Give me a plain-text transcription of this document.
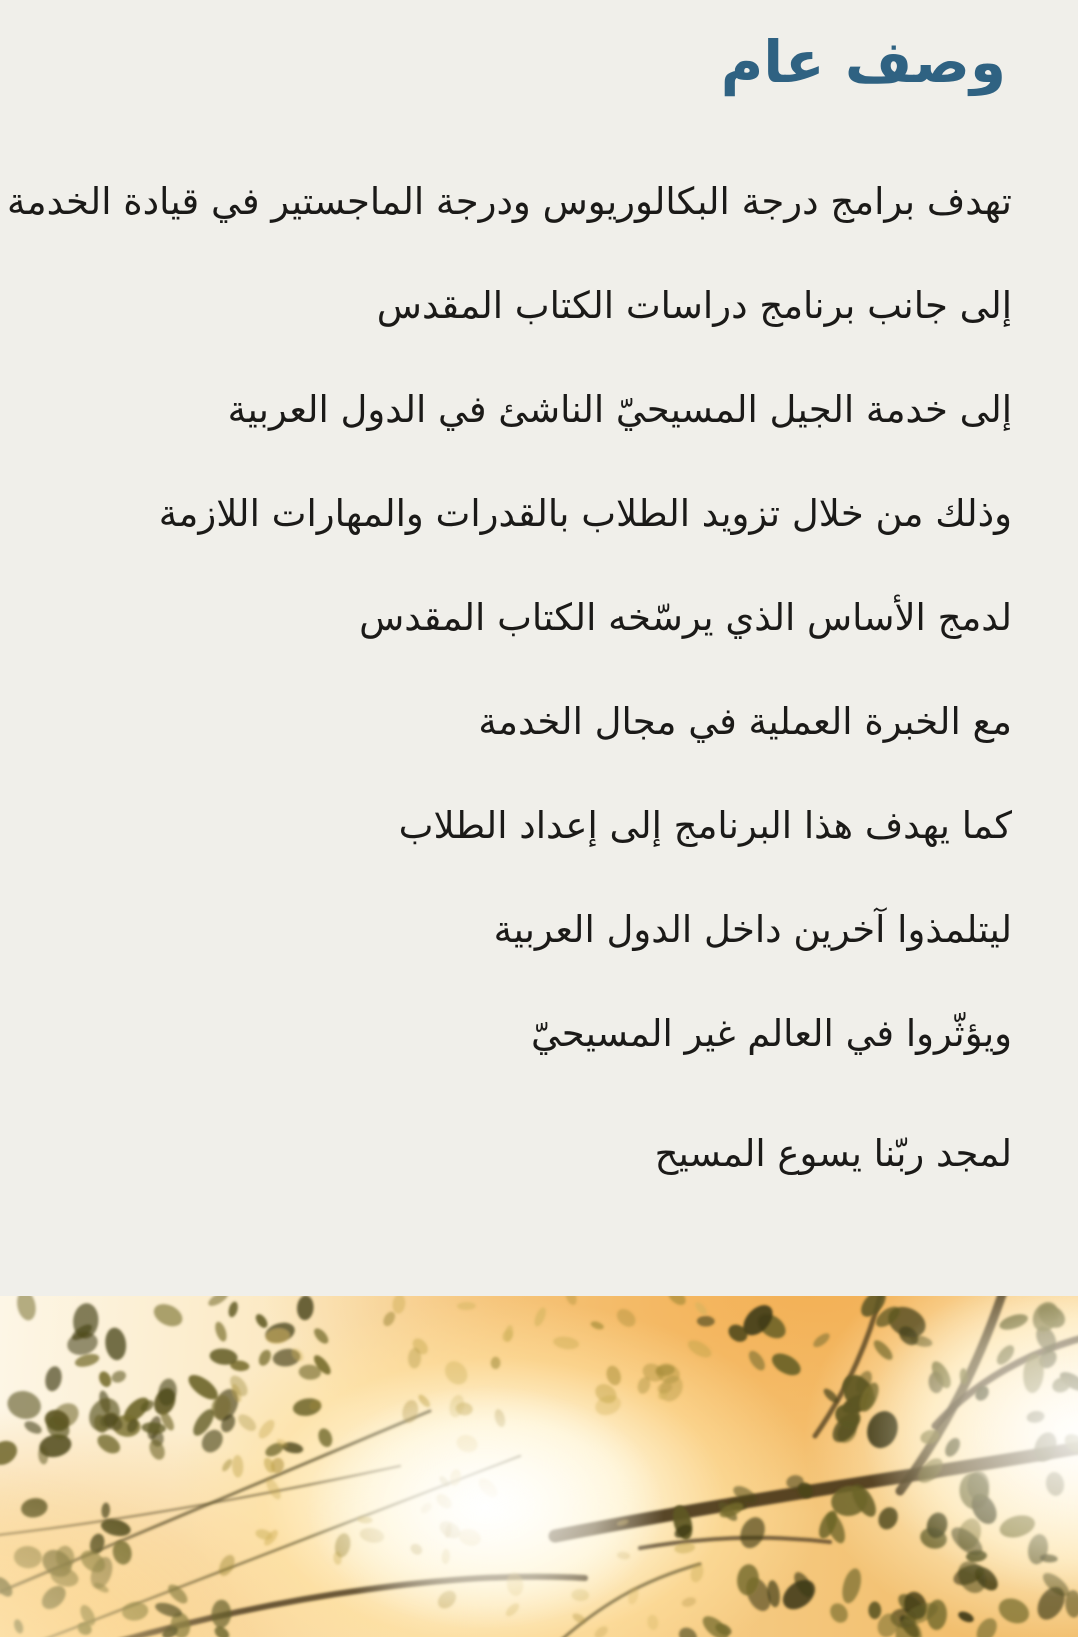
وصف عام

تهدف برامج درجة البكالوريوس ودرجة الماجستير في قيادة الخدمة

إلى جانب برنامج دراسات الكتاب المقدس

إلى خدمة الجيل المسيحيّ الناشئ في الدول العربية

وذلك من خلال تزويد الطلاب بالقدرات والمهارات اللازمة

لدمج الأساس الذي يرسّخه الكتاب المقدس

مع الخبرة العملية في مجال الخدمة

كما يهدف هذا البرنامج إلى إعداد الطلاب

ليتلمذوا آخرين داخل الدول العربية

ويؤثّروا في العالم غير المسيحيّ

لمجد ربّنا يسوع المسيح
